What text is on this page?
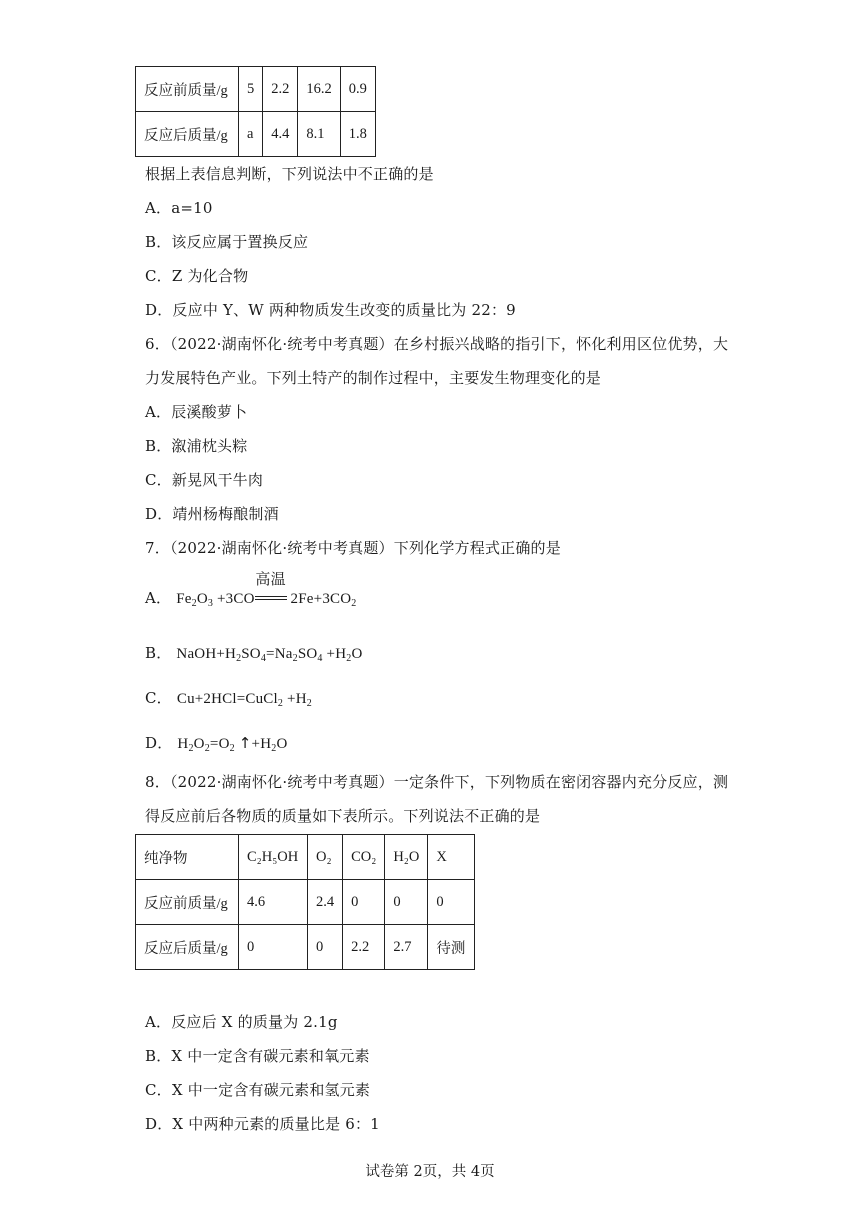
反应前质量/g	5	2.2	16.2	0.9
反应后质量/g	a	4.4	8.1	1.8
根据上表信息判断，下列说法中不正确的是
A．a=10
B．该反应属于置换反应
C．Z 为化合物
D．反应中 Y、W 两种物质发生改变的质量比为 22：9
6．（2022·湖南怀化·统考中考真题）在乡村振兴战略的指引下，怀化利用区位优势，大
力发展特色产业。下列土特产的制作过程中，主要发生物理变化的是
A．辰溪酸萝卜
B．溆浦枕头粽
C．新晃风干牛肉
D．靖州杨梅酿制酒
7．（2022·湖南怀化·统考中考真题）下列化学方程式正确的是
A． $Fe_2O_3 +3CO$
高温
$2Fe+3CO_2$
B． $NaOH+H_2SO_4=Na_2SO_4 +H_2O$
C． Cu+2HCl=CuCl$_2$ $+H_2$
D． $H_2O_2=O_2$ $↑+H_2O$
8．（2022·湖南怀化·统考中考真题）一定条件下，下列物质在密闭容器内充分反应，测
得反应前后各物质的质量如下表所示。下列说法不正确的是
纯净物	C₂H₅OH	O₂	CO₂	H₂O	X
反应前质量/g	4.6	2.4	0	0	0
反应后质量/g	0	0	2.2	2.7	待测
A．反应后 X 的质量为 2.1g
B．X 中一定含有碳元素和氧元素
C．X 中一定含有碳元素和氢元素
D．X 中两种元素的质量比是 6：1
试卷第 2页，共 4页
